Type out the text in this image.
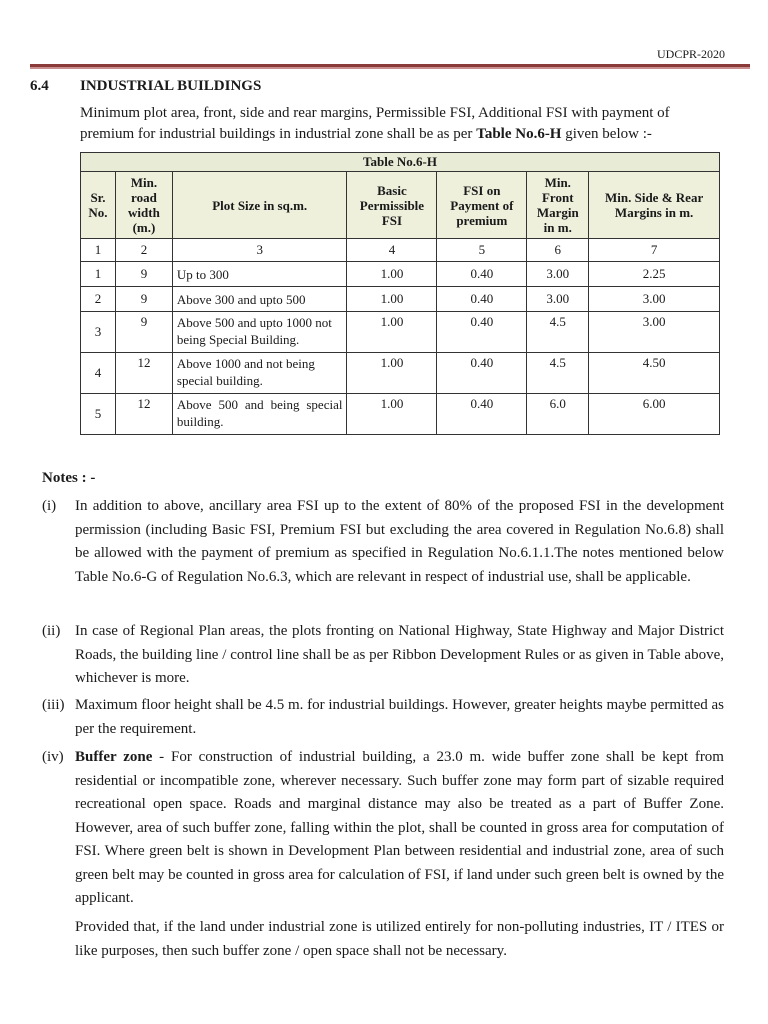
UDCPR-2020
6.4 INDUSTRIAL BUILDINGS
Minimum plot area, front, side and rear margins, Permissible FSI, Additional FSI with payment of premium for industrial buildings in industrial zone shall be as per Table No.6-H given below :-
Table No.6-H						
Sr. No.	Min. road width (m.)	Plot Size in sq.m.	Basic Permissible FSI	FSI on Payment of premium	Min. Front Margin in m.	Min. Side & Rear Margins in m.
1	2	3	4	5	6	7
1	9	Up to 300	1.00	0.40	3.00	2.25
2	9	Above 300 and upto 500	1.00	0.40	3.00	3.00
3	9	Above 500 and upto 1000 not being Special Building.	1.00	0.40	4.5	3.00
4	12	Above 1000 and not being special building.	1.00	0.40	4.5	4.50
5	12	Above 500 and being special building.	1.00	0.40	6.0	6.00
Notes : -
(i) In addition to above, ancillary area FSI up to the extent of 80% of the proposed FSI in the development permission (including Basic FSI, Premium FSI but excluding the area covered in Regulation No.6.8) shall be allowed with the payment of premium as specified in Regulation No.6.1.1.The notes mentioned below Table No.6-G of Regulation No.6.3, which are relevant in respect of industrial use, shall be applicable.
(ii) In case of Regional Plan areas, the plots fronting on National Highway, State Highway and Major District Roads, the building line / control line shall be as per Ribbon Development Rules or as given in Table above, whichever is more.
(iii) Maximum floor height shall be 4.5 m. for industrial buildings. However, greater heights maybe permitted as per the requirement.
(iv) Buffer zone - For construction of industrial building, a 23.0 m. wide buffer zone shall be kept from residential or incompatible zone, wherever necessary. Such buffer zone may form part of sizable required recreational open space. Roads and marginal distance may also be treated as a part of Buffer Zone. However, area of such buffer zone, falling within the plot, shall be counted in gross area for computation of FSI. Where green belt is shown in Development Plan between residential and industrial zone, area of such green belt may be counted in gross area for calculation of FSI, if land under such green belt is owned by the applicant.
Provided that, if the land under industrial zone is utilized entirely for non-polluting industries, IT / ITES or like purposes, then such buffer zone / open space shall not be necessary.
